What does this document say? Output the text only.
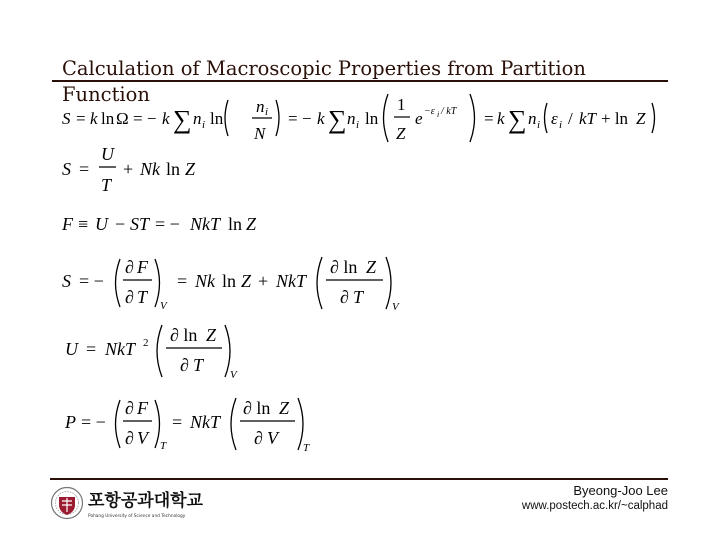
Calculation of Macroscopic Properties from Partition Function
S = k ln Ω = − k ∑ n i ln
n i
N
= − k ∑ n i ln
1
Z
e −ε i / kT = k ∑ n i ε i / kT + ln Z
S =
U
T
+ Nk ln Z
F ≡ U − ST = − NkT ln Z
S = −
∂ F
∂ T V
= Nk ln Z + NkT
∂ ln Z
∂ T	V
U = NkT 2 ∂ ln Z
∂ T V
P = −
∂ F
∂ V T
= NkT
∂ ln Z
∂ V T
포항공과대학교
Pohang University of Science and Technology
Byeong-Joo Lee
www.postech.ac.kr/~calphad
